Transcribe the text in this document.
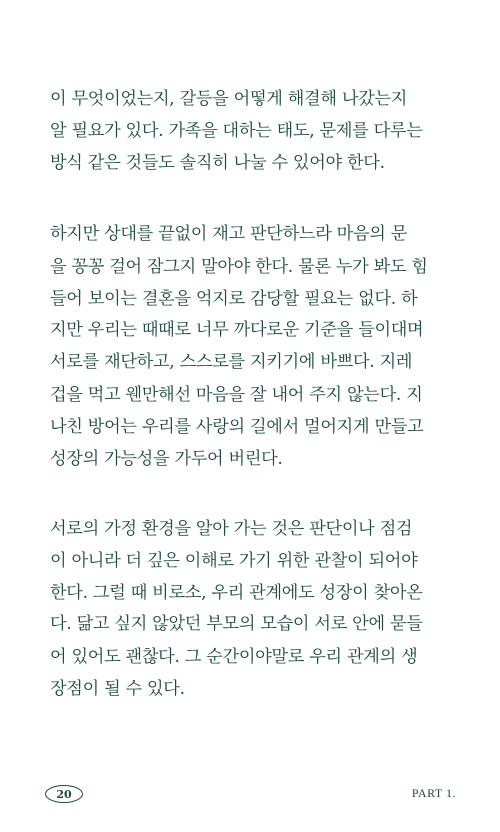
이 무엇이었는지, 갈등을 어떻게 해결해 나갔는지
알 필요가 있다. 가족을 대하는 태도, 문제를 다루는
방식 같은 것들도 솔직히 나눌 수 있어야 한다.
하지만 상대를 끝없이 재고 판단하느라 마음의 문
을 꽁꽁 걸어 잠그지 말아야 한다. 물론 누가 봐도 힘
들어 보이는 결혼을 억지로 감당할 필요는 없다. 하
지만 우리는 때때로 너무 까다로운 기준을 들이대며
서로를 재단하고, 스스로를 지키기에 바쁘다. 지레
겁을 먹고 웬만해선 마음을 잘 내어 주지 않는다. 지
나친 방어는 우리를 사랑의 길에서 멀어지게 만들고
성장의 가능성을 가두어 버린다.
서로의 가정 환경을 알아 가는 것은 판단이나 점검
이 아니라 더 깊은 이해로 가기 위한 관찰이 되어야
한다. 그럴 때 비로소, 우리 관계에도 성장이 찾아온
다. 닮고 싶지 않았던 부모의 모습이 서로 안에 묻들
어 있어도 괜찮다. 그 순간이야말로 우리 관계의 생
장점이 될 수 있다.
20	PART 1.
